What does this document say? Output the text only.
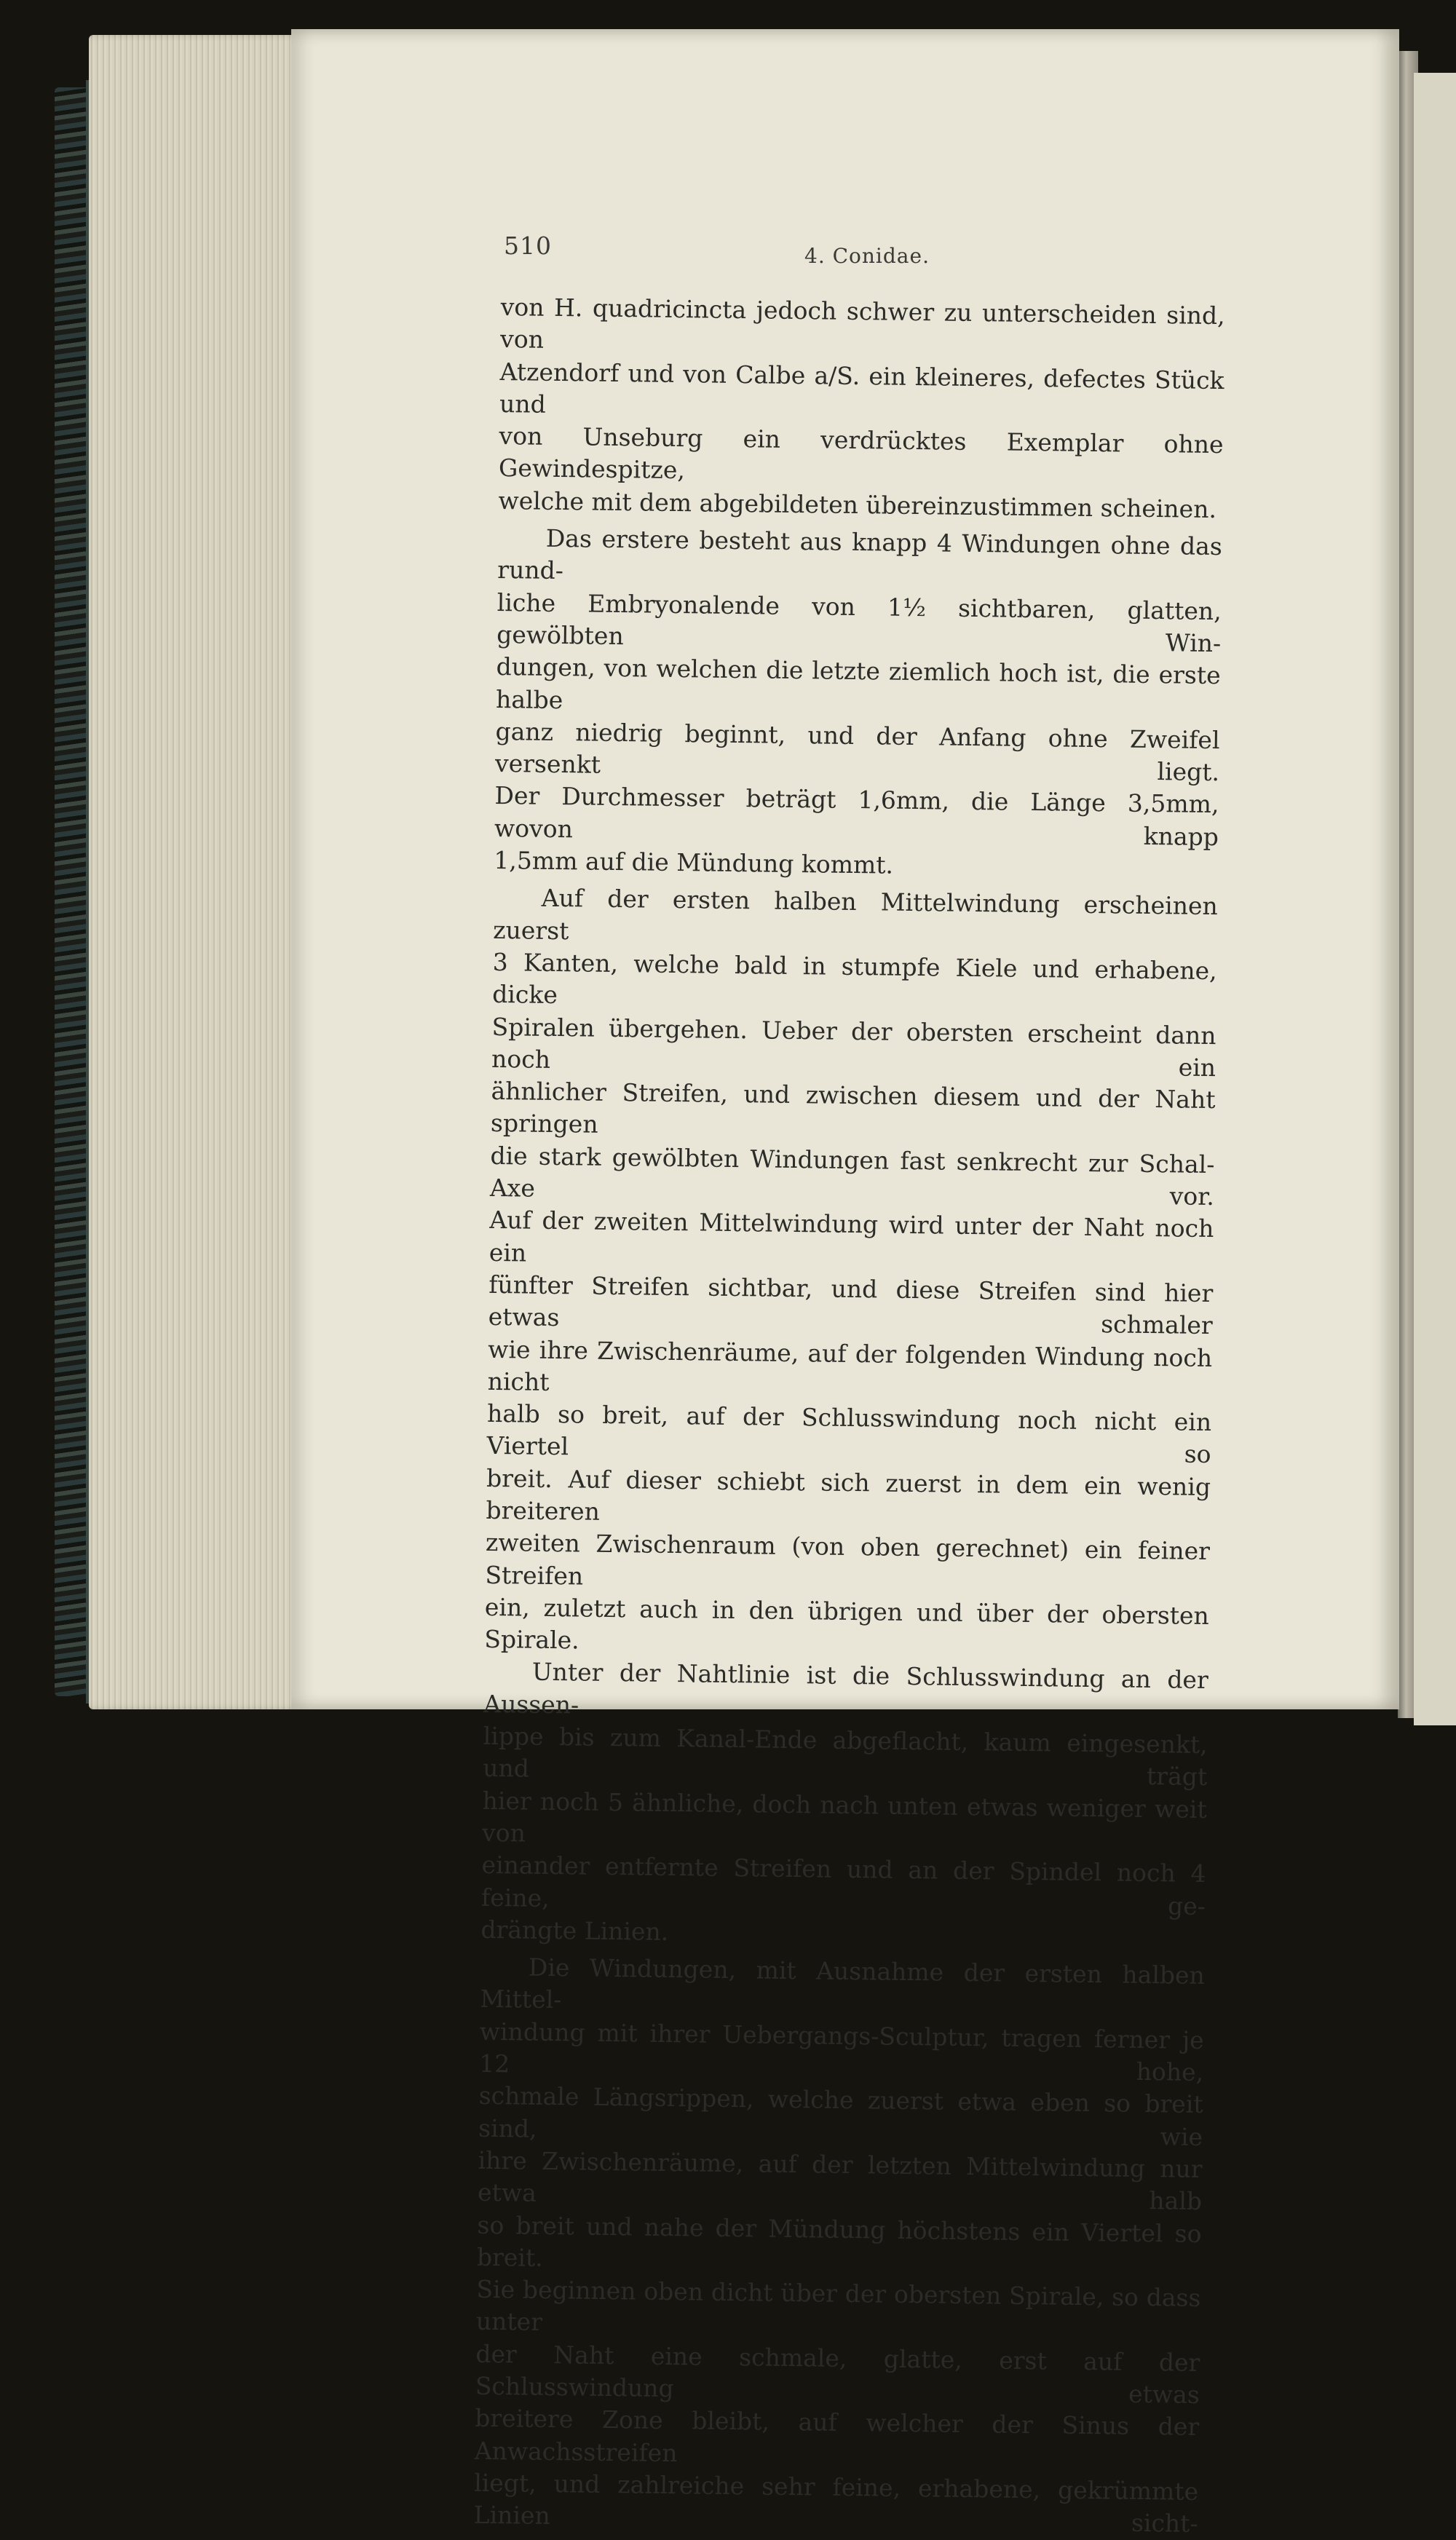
510	4. Conidae.

von H. quadricincta jedoch schwer zu unterscheiden sind, von

Atzendorf und von Calbe a/S. ein kleineres, defectes Stück und

von Unseburg ein verdrücktes Exemplar ohne Gewindespitze,

welche mit dem abgebildeten übereinzustimmen scheinen.

Das erstere besteht aus knapp 4 Windungen ohne das rund-

liche Embryonalende von 1½ sichtbaren, glatten, gewölbten Win-

dungen, von welchen die letzte ziemlich hoch ist, die erste halbe

ganz niedrig beginnt, und der Anfang ohne Zweifel versenkt liegt.

Der Durchmesser beträgt 1,6mm, die Länge 3,5mm, wovon knapp

1,5mm auf die Mündung kommt.

Auf der ersten halben Mittelwindung erscheinen zuerst

3 Kanten, welche bald in stumpfe Kiele und erhabene, dicke

Spiralen übergehen. Ueber der obersten erscheint dann noch ein

ähnlicher Streifen, und zwischen diesem und der Naht springen

die stark gewölbten Windungen fast senkrecht zur Schal-Axe vor.

Auf der zweiten Mittelwindung wird unter der Naht noch ein

fünfter Streifen sichtbar, und diese Streifen sind hier etwas schmaler

wie ihre Zwischenräume, auf der folgenden Windung noch nicht

halb so breit, auf der Schlusswindung noch nicht ein Viertel so

breit. Auf dieser schiebt sich zuerst in dem ein wenig breiteren

zweiten Zwischenraum (von oben gerechnet) ein feiner Streifen

ein, zuletzt auch in den übrigen und über der obersten Spirale.

Unter der Nahtlinie ist die Schlusswindung an der Aussen-

lippe bis zum Kanal-Ende abgeflacht, kaum eingesenkt, und trägt

hier noch 5 ähnliche, doch nach unten etwas weniger weit von

einander entfernte Streifen und an der Spindel noch 4 feine, ge-

drängte Linien.

Die Windungen, mit Ausnahme der ersten halben Mittel-

windung mit ihrer Uebergangs-Sculptur, tragen ferner je 12 hohe,

schmale Längsrippen, welche zuerst etwa eben so breit sind, wie

ihre Zwischenräume, auf der letzten Mittelwindung nur etwa halb

so breit und nahe der Mündung höchstens ein Viertel so breit.

Sie beginnen oben dicht über der obersten Spirale, so dass unter

der Naht eine schmale, glatte, erst auf der Schlusswindung etwas

breitere Zone bleibt, auf welcher der Sinus der Anwachsstreifen

liegt, und zahlreiche sehr feine, erhabene, gekrümmte Linien sicht-
